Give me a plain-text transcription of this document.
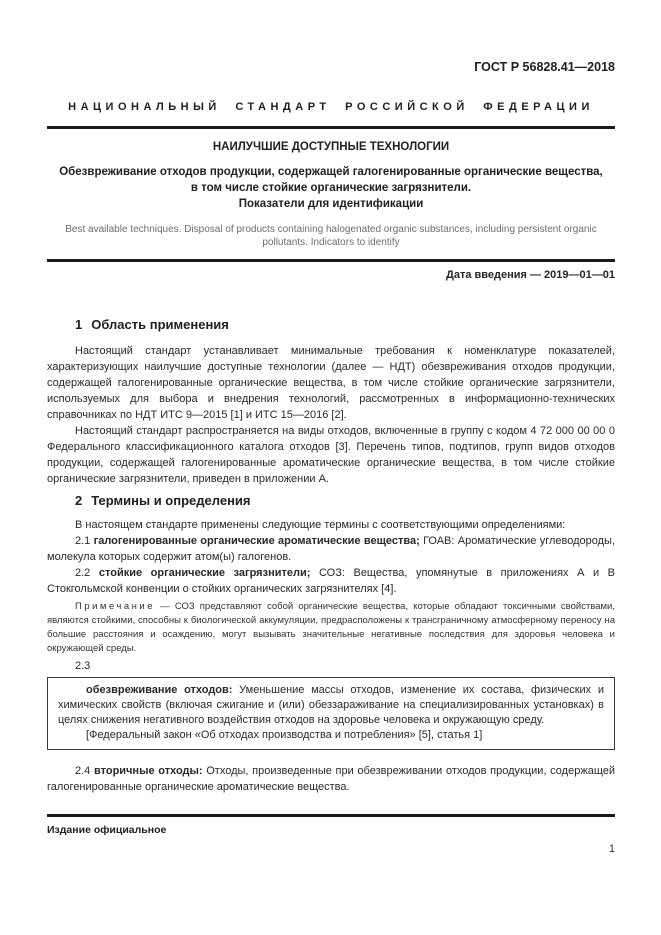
ГОСТ Р 56828.41—2018
НАЦИОНАЛЬНЫЙ СТАНДАРТ РОССИЙСКОЙ ФЕДЕРАЦИИ
НАИЛУЧШИЕ ДОСТУПНЫЕ ТЕХНОЛОГИИ
Обезвреживание отходов продукции, содержащей галогенированные органические вещества,
в том числе стойкие органические загрязнители.
Показатели для идентификации
Best available techniques. Disposal of products containing halogenated organic substances, including persistent organic pollutants. Indicators to identify
Дата введения — 2019—01—01
1 Область применения

Настоящий стандарт устанавливает минимальные требования к номенклатуре показателей, характеризующих наилучшие доступные технологии (далее — НДТ) обезвреживания отходов продукции, содержащей галогенированные органические вещества, в том числе стойкие органические загрязнители, используемых для выбора и внедрения технологий, рассмотренных в информационно-технических справочниках по НДТ ИТС 9—2015 [1] и ИТС 15—2016 [2].

Настоящий стандарт распространяется на виды отходов, включенные в группу с кодом 4 72 000 00 00 0 Федерального классификационного каталога отходов [3]. Перечень типов, подтипов, групп видов отходов продукции, содержащей галогенированные ароматические органические вещества, в том числе стойкие органические загрязнители, приведен в приложении А.

2 Термины и определения

В настоящем стандарте применены следующие термины с соответствующими определениями:

2.1 галогенированные органические ароматические вещества; ГОАВ: Ароматические углеводороды, молекула которых содержит атом(ы) галогенов.

2.2 стойкие органические загрязнители; СОЗ: Вещества, упомянутые в приложениях А и В Стокгольмской конвенции о стойких органических загрязнителях [4].

Примечание — СОЗ представляют собой органические вещества, которые обладают токсичными свойствами, являются стойкими, способны к биологической аккумуляции, предрасположены к трансграничному атмосферному переносу на большие расстояния и осаждению, могут вызывать значительные негативные последствия для здоровья человека и окружающей среды.

2.3

обезвреживание отходов: Уменьшение массы отходов, изменение их состава, физических и химических свойств (включая сжигание и (или) обеззараживание на специализированных установках) в целях снижения негативного воздействия отходов на здоровье человека и окружающую среду.

[Федеральный закон «Об отходах производства и потребления» [5], статья 1]

2.4 вторичные отходы: Отходы, произведенные при обезвреживании отходов продукции, содержащей галогенированные органические ароматические вещества.

Издание официальное
1
